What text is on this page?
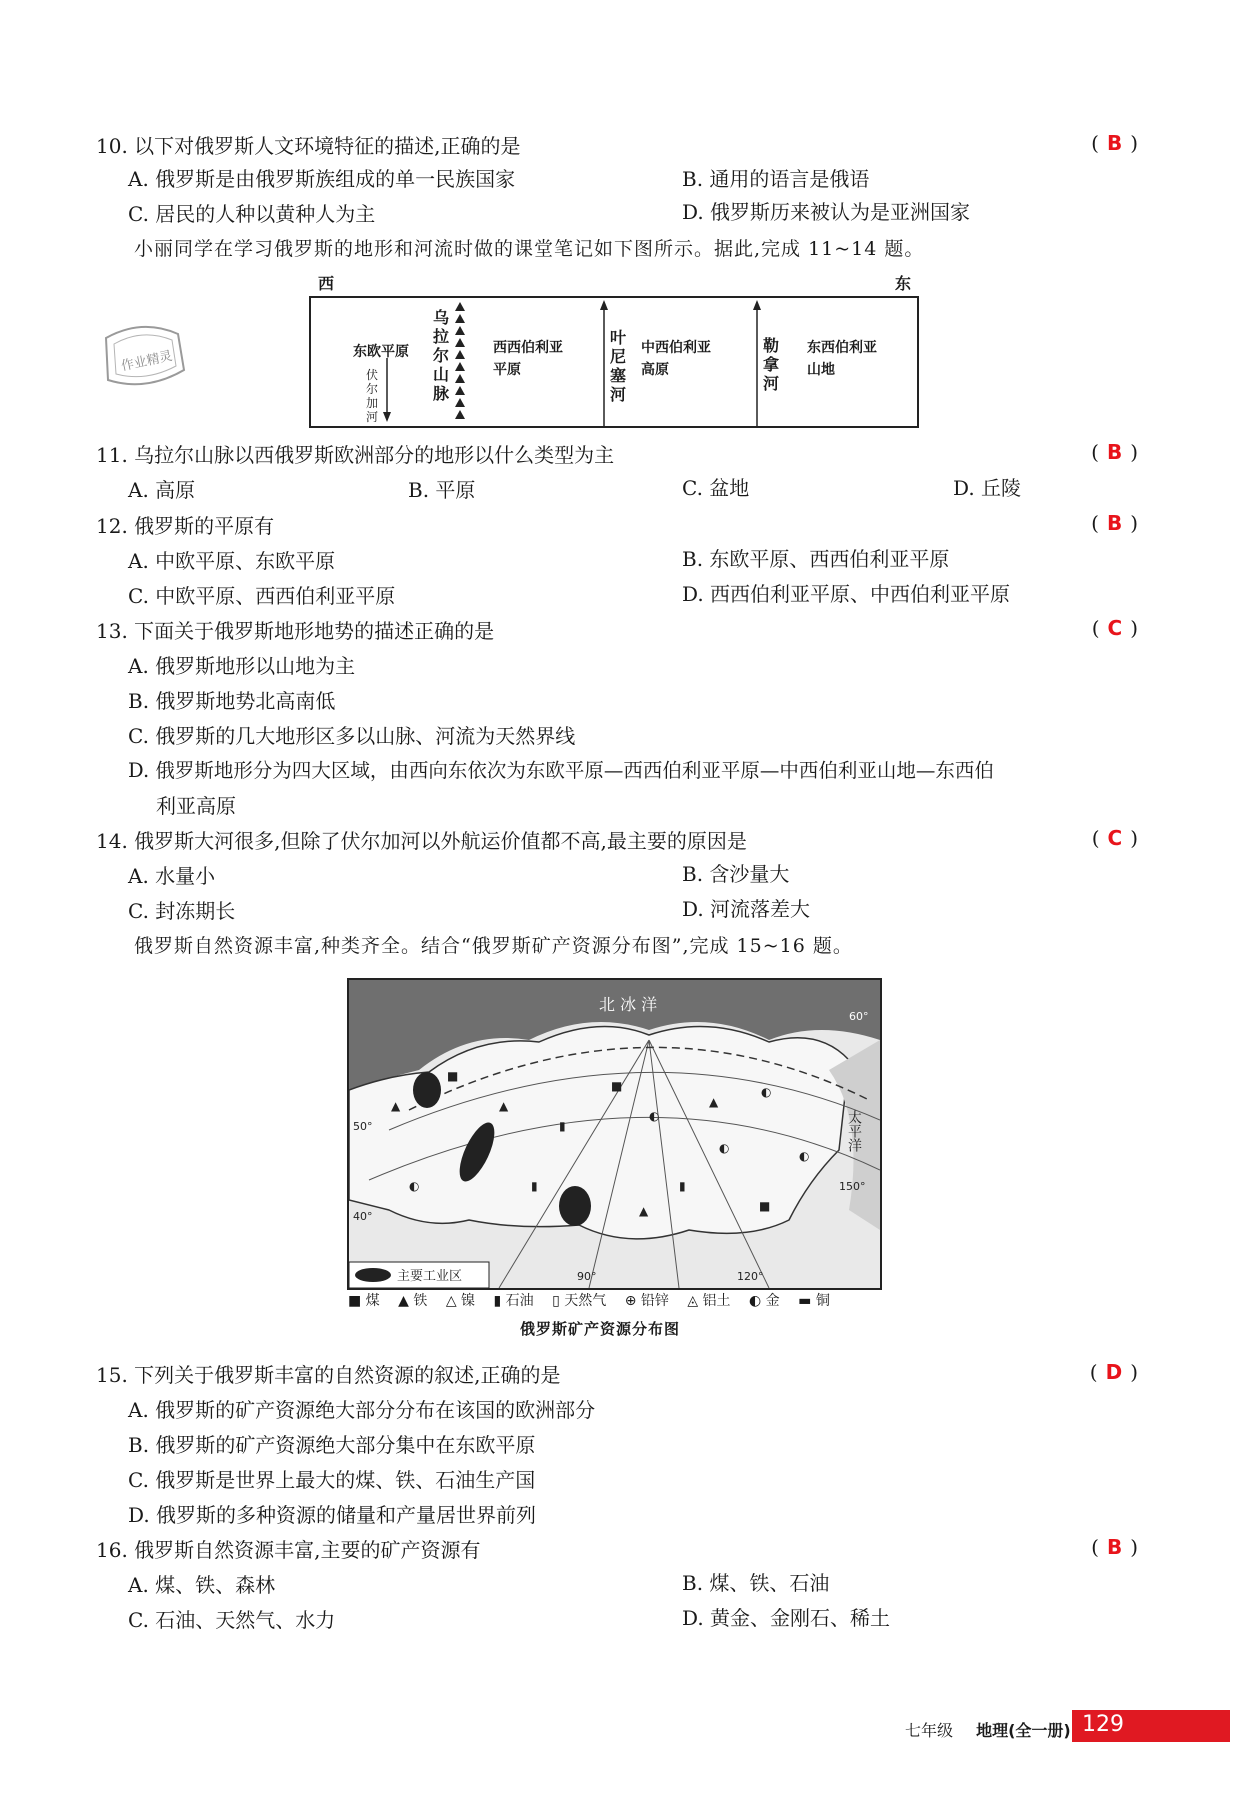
10. 以下对俄罗斯人文环境特征的描述,正确的是	( B )
A. 俄罗斯是由俄罗斯族组成的单一民族国家	B. 通用的语言是俄语
C. 居民的人种以黄种人为主	D. 俄罗斯历来被认为是亚洲国家
小丽同学在学习俄罗斯的地形和河流时做的课堂笔记如下图所示。据此,完成 11~14 题。
西	东
东欧平原
伏尔加河
乌拉尔山脉
西西伯利亚
平原
叶尼塞河
中西伯利亚
高原
勒拿河
东西伯利亚
山地
作业精灵
11. 乌拉尔山脉以西俄罗斯欧洲部分的地形以什么类型为主	( B )
A. 高原	B. 平原	C. 盆地	D. 丘陵
12. 俄罗斯的平原有	( B )
A. 中欧平原、东欧平原	B. 东欧平原、西西伯利亚平原
C. 中欧平原、西西伯利亚平原	D. 西西伯利亚平原、中西伯利亚平原
13. 下面关于俄罗斯地形地势的描述正确的是	( C )
A. 俄罗斯地形以山地为主
B. 俄罗斯地势北高南低
C. 俄罗斯的几大地形区多以山脉、河流为天然界线
D. 俄罗斯地形分为四大区域，由西向东依次为东欧平原—西西伯利亚平原—中西伯利亚山地—东西伯
利亚高原
14. 俄罗斯大河很多,但除了伏尔加河以外航运价值都不高,最主要的原因是	( C )
A. 水量小	B. 含沙量大
C. 封冻期长	D. 河流落差大
俄罗斯自然资源丰富,种类齐全。结合“俄罗斯矿产资源分布图”,完成 15~16 题。
▲
■
▲
▮
■
◐
▲
◐
◐
▮
■
◐
▲
▮
◐
北 冰 洋
太平洋
90°	120°
60°
50°
40°
150°
主要工业区
■ 煤 ▲ 铁 △ 镍 ▮ 石油 ▯ 天然气 ⊕ 铅锌 ◬ 铝土 ◐ 金 ▬ 铜
俄罗斯矿产资源分布图
15. 下列关于俄罗斯丰富的自然资源的叙述,正确的是	( D )
A. 俄罗斯的矿产资源绝大部分分布在该国的欧洲部分
B. 俄罗斯的矿产资源绝大部分集中在东欧平原
C. 俄罗斯是世界上最大的煤、铁、石油生产国
D. 俄罗斯的多种资源的储量和产量居世界前列
16. 俄罗斯自然资源丰富,主要的矿产资源有	( B )
A. 煤、铁、森林	B. 煤、铁、石油
C. 石油、天然气、水力	D. 黄金、金刚石、稀土
七年级 地理(全一册) 129
